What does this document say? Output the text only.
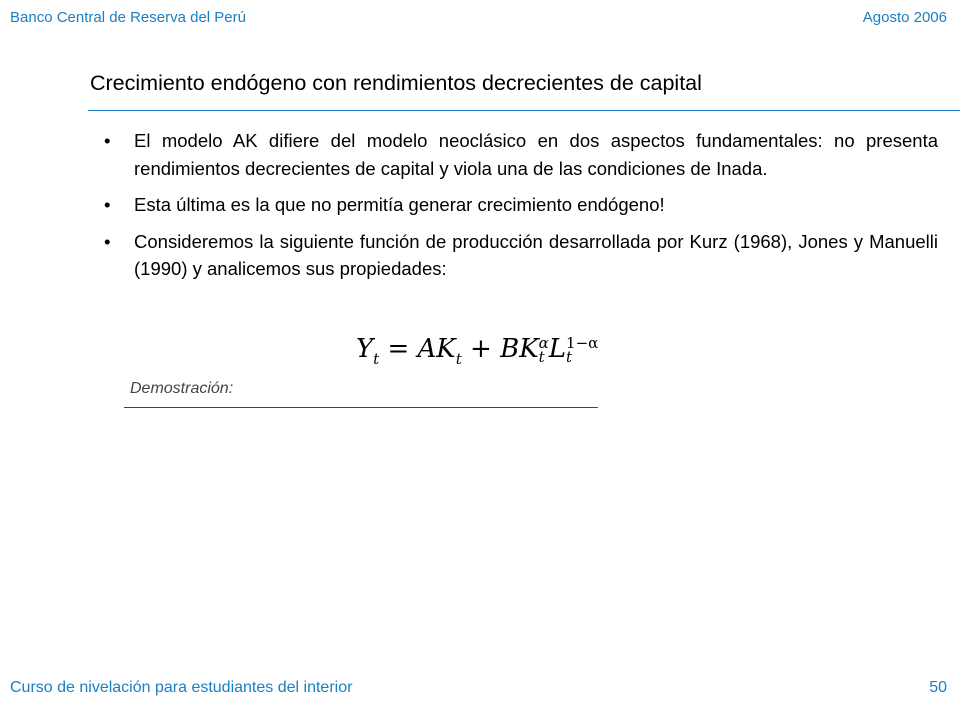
Banco Central de Reserva del Perú	Agosto 2006
Crecimiento endógeno con rendimientos decrecientes de capital
• El modelo AK difiere del modelo neoclásico en dos aspectos fundamentales: no presenta rendimientos decrecientes de capital y viola una de las condiciones de Inada.
• Esta última es la que no permitía generar crecimiento endógeno!
• Consideremos la siguiente función de producción desarrollada por Kurz (1968), Jones y Manuelli (1990) y analicemos sus propiedades:
$Y_t = AK_t$ + BK α
t L 1−α
t
Demostración:
Curso de nivelación para estudiantes del interior	50
